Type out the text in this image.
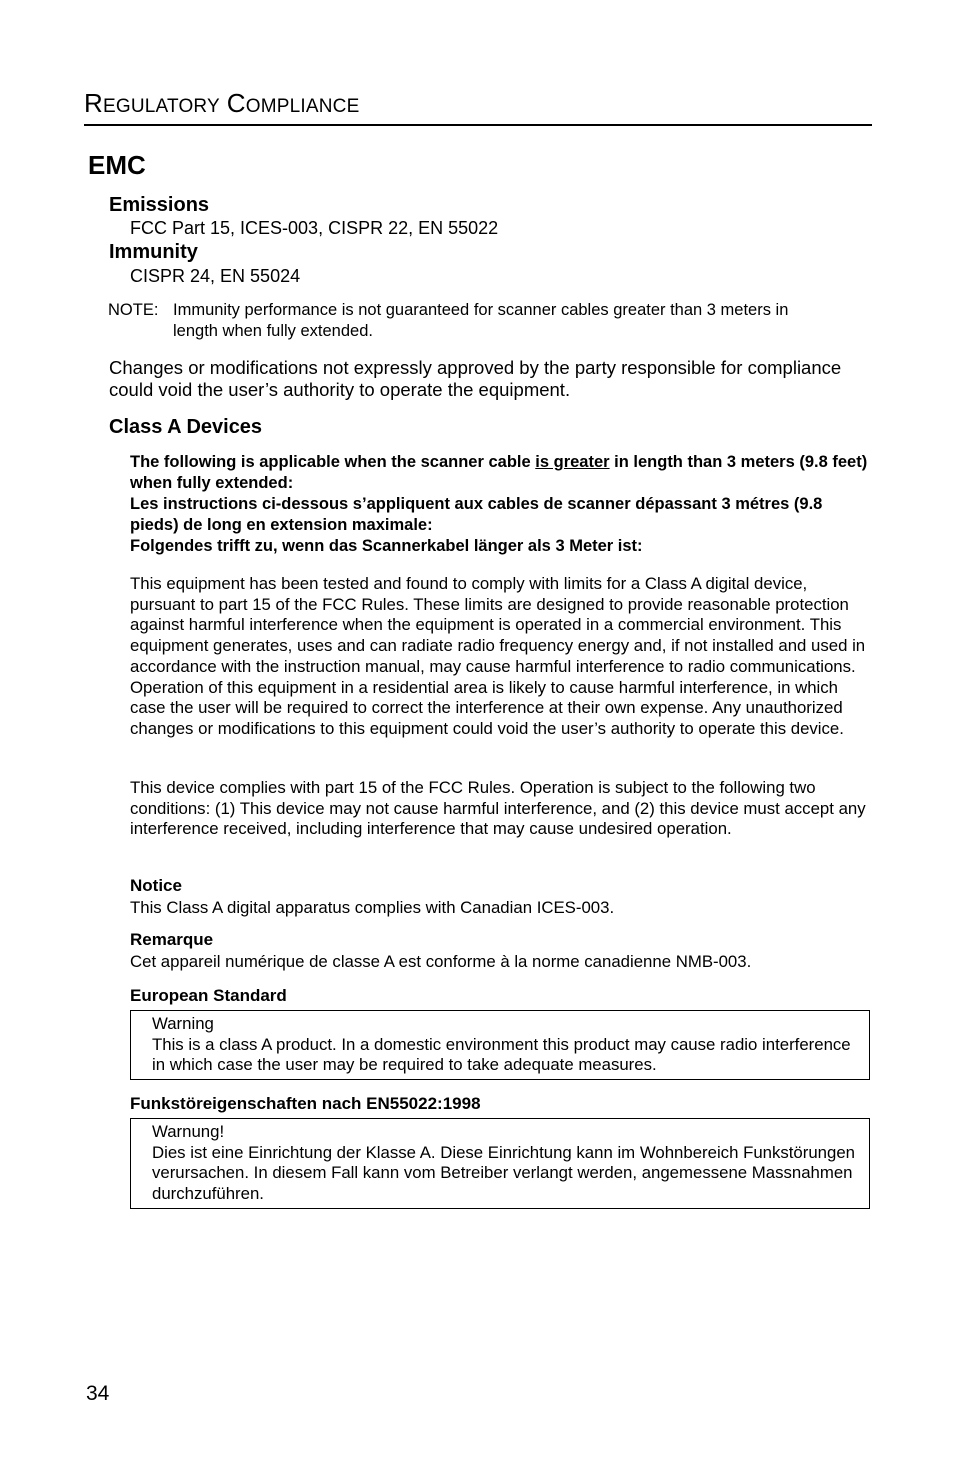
REGULATORY COMPLIANCE
EMC
Emissions
FCC Part 15, ICES-003, CISPR 22, EN 55022
Immunity
CISPR 24, EN 55024
NOTE: Immunity performance is not guaranteed for scanner cables greater than 3 meters in
length when fully extended.
Changes or modifications not expressly approved by the party responsible for compliance could void the user’s authority to operate the equipment.
Class A Devices
The following is applicable when the scanner cable is greater in length than 3 meters (9.8 feet) when fully extended:
Les instructions ci-dessous s’appliquent aux cables de scanner dépassant 3 métres (9.8 pieds) de long en extension maximale:
Folgendes trifft zu, wenn das Scannerkabel länger als 3 Meter ist:
This equipment has been tested and found to comply with limits for a Class A digital device, pursuant to part 15 of the FCC Rules. These limits are designed to provide reasonable protection against harmful interference when the equipment is operated in a commercial environment. This equipment generates, uses and can radiate radio frequency energy and, if not installed and used in accordance with the instruction manual, may cause harmful interference to radio communications. Operation of this equipment in a residential area is likely to cause harmful interference, in which case the user will be required to correct the interference at their own expense. Any unauthorized changes or modifications to this equipment could void the user’s authority to operate this device.
This device complies with part 15 of the FCC Rules. Operation is subject to the following two conditions: (1) This device may not cause harmful interference, and (2) this device must accept any interference received, including interference that may cause undesired operation.
Notice
This Class A digital apparatus complies with Canadian ICES-003.
Remarque
Cet appareil numérique de classe A est conforme à la norme canadienne NMB-003.
European Standard
Warning
This is a class A product. In a domestic environment this product may cause radio interference in which case the user may be required to take adequate measures.
Funkstöreigenschaften nach EN55022:1998
Warnung!
Dies ist eine Einrichtung der Klasse A. Diese Einrichtung kann im Wohnbereich Funkstörungen verursachen. In diesem Fall kann vom Betreiber verlangt werden, angemessene Massnahmen durchzuführen.
34
